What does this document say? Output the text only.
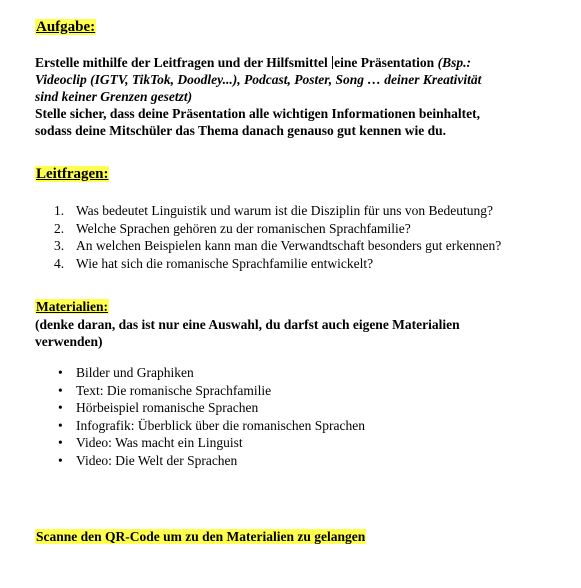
Aufgabe:
Erstelle mithilfe der Leitfragen und der Hilfsmittel eine Präsentation (Bsp.:
Videoclip (IGTV, TikTok, Doodley...), Podcast, Poster, Song … deiner Kreativität
sind keiner Grenzen gesetzt)
Stelle sicher, dass deine Präsentation alle wichtigen Informationen beinhaltet,
sodass deine Mitschüler das Thema danach genauso gut kennen wie du.
Leitfragen:
1. Was bedeutet Linguistik und warum ist die Disziplin für uns von Bedeutung?
2. Welche Sprachen gehören zu der romanischen Sprachfamilie?
3. An welchen Beispielen kann man die Verwandtschaft besonders gut erkennen?
4. Wie hat sich die romanische Sprachfamilie entwickelt?
Materialien:
(denke daran, das ist nur eine Auswahl, du darfst auch eigene Materialien
verwenden)
• Bilder und Graphiken
• Text: Die romanische Sprachfamilie
• Hörbeispiel romanische Sprachen
• Infografik: Überblick über die romanischen Sprachen
• Video: Was macht ein Linguist
• Video: Die Welt der Sprachen
Scanne den QR-Code um zu den Materialien zu gelangen
